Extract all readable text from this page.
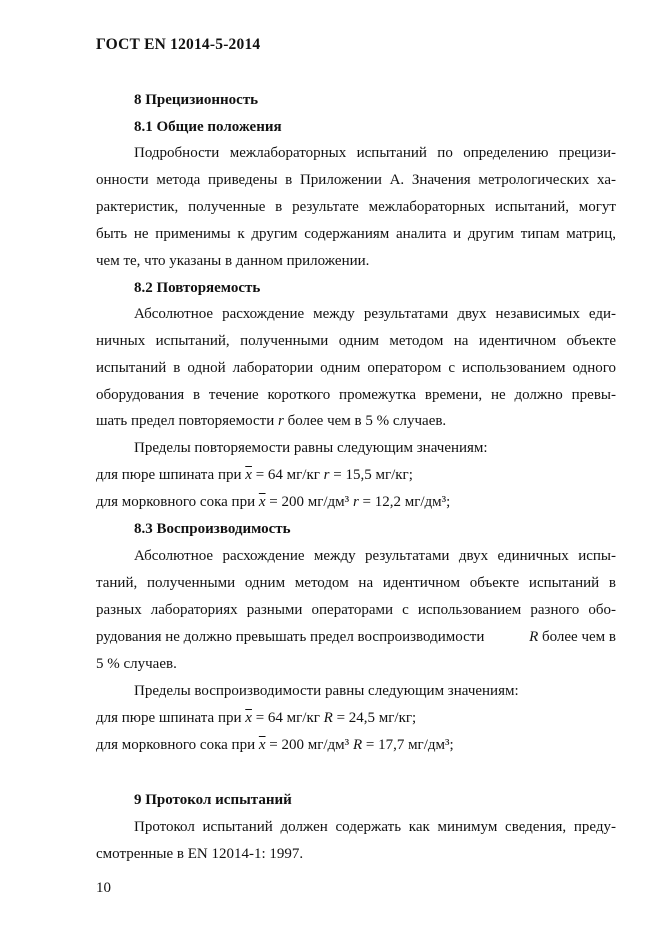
ГОСТ EN 12014-5-2014
8 Прецизионность
8.1 Общие положения
Подробности межлабораторных испытаний по определению прецизи-
онности метода приведены в Приложении А. Значения метрологических ха-
рактеристик, полученные в результате межлабораторных испытаний, могут
быть не применимы к другим содержаниям аналита и другим типам матриц,
чем те, что указаны в данном приложении.
8.2 Повторяемость
Абсолютное расхождение между результатами двух независимых еди-
ничных испытаний, полученными одним методом на идентичном объекте
испытаний в одной лаборатории одним оператором с использованием одного
оборудования в течение короткого промежутка времени, не должно превы-
шать предел повторяемости r более чем в 5 % случаев.
Пределы повторяемости равны следующим значениям:
для пюре шпината при $\overline{x} = 64$ мг/кг r = 15,5 мг/кг;
для морковного сока при $\overline{x} = 200$ мг/дм³ r = 12,2 мг/дм³;
8.3 Воспроизводимость
Абсолютное расхождение между результатами двух единичных испы-
таний, полученными одним методом на идентичном объекте испытаний в
разных лабораториях разными операторами с использованием разного обо-
рудования не должно превышать предел воспроизводимости	R более чем в
5 % случаев.
Пределы воспроизводимости равны следующим значениям:
для пюре шпината при $\overline{x} = 64$ мг/кг R = 24,5 мг/кг;
для морковного сока при $\overline{x} = 200$ мг/дм³ R = 17,7 мг/дм³;
9 Протокол испытаний
Протокол испытаний должен содержать как минимум сведения, преду-
смотренные в EN 12014-1: 1997.
10
